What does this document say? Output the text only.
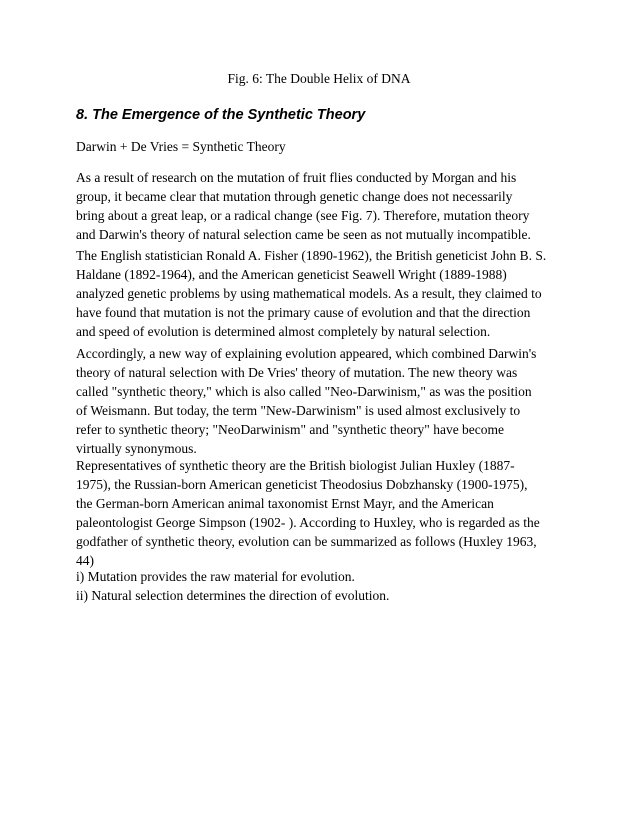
Fig. 6: The Double Helix of DNA
8. The Emergence of the Synthetic Theory
Darwin + De Vries = Synthetic Theory
As a result of research on the mutation of fruit flies conducted by Morgan and his
group, it became clear that mutation through genetic change does not necessarily
bring about a great leap, or a radical change (see Fig. 7). Therefore, mutation theory
and Darwin's theory of natural selection came be seen as not mutually incompatible.
The English statistician Ronald A. Fisher (1890-1962), the British geneticist John B. S.
Haldane (1892-1964), and the American geneticist Seawell Wright (1889-1988)
analyzed genetic problems by using mathematical models. As a result, they claimed to
have found that mutation is not the primary cause of evolution and that the direction
and speed of evolution is determined almost completely by natural selection.
Accordingly, a new way of explaining evolution appeared, which combined Darwin's
theory of natural selection with De Vries' theory of mutation. The new theory was
called "synthetic theory," which is also called "Neo-Darwinism," as was the position
of Weismann. But today, the term "New-Darwinism" is used almost exclusively to
refer to synthetic theory; "NeoDarwinism" and "synthetic theory" have become
virtually synonymous.
Representatives of synthetic theory are the British biologist Julian Huxley (1887-
1975), the Russian-born American geneticist Theodosius Dobzhansky (1900-1975),
the German-born American animal taxonomist Ernst Mayr, and the American
paleontologist George Simpson (1902- ). According to Huxley, who is regarded as the
godfather of synthetic theory, evolution can be summarized as follows (Huxley 1963,
44)
i) Mutation provides the raw material for evolution.
ii) Natural selection determines the direction of evolution.
